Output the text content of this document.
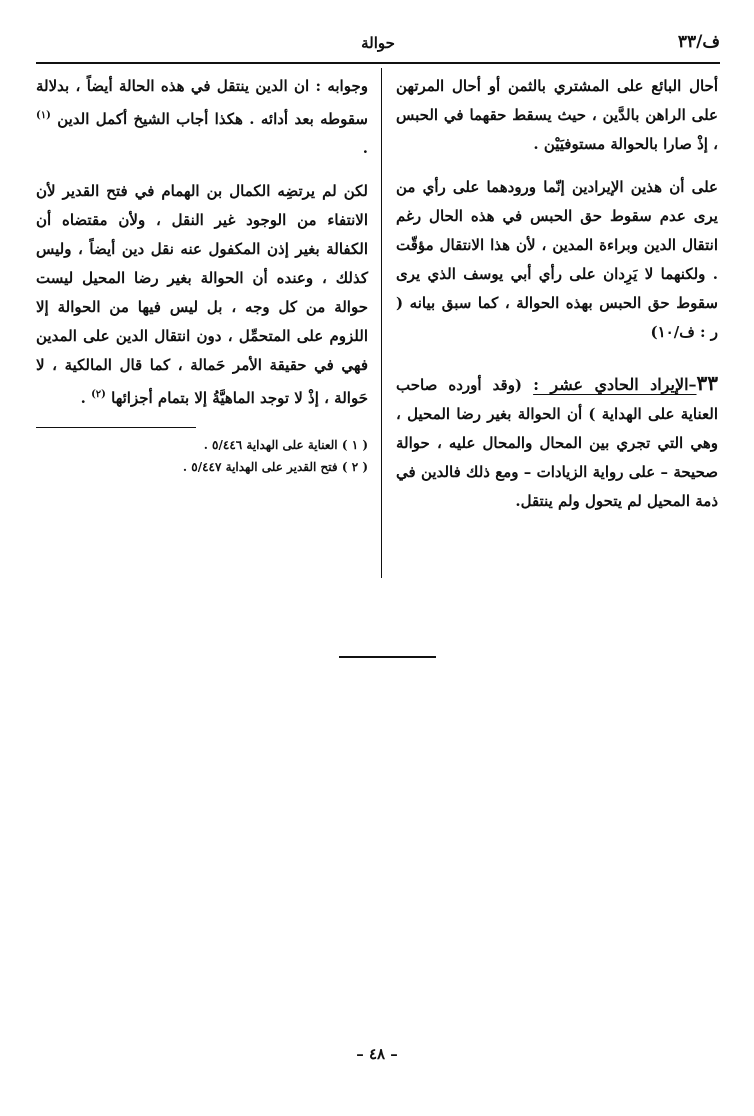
ف/٣٣
حوالة

أحال البائع على المشتري بالثمن أو أحال المرتهن على الراهن بالدَّين ، حيث يسقط حقهما في الحبس ، إذْ صارا بالحوالة مستوفيَيْن .

على أن هذين الإيرادين إنّما ورودهما على رأي من يرى عدم سقوط حق الحبس في هذه الحال رغم انتقال الدين وبراءة المدين ، لأن هذا الانتقال مؤقّت . ولكنهما لا يَرِدان على رأي أبي يوسف الذي يرى سقوط حق الحبس بهذه الحوالة ، كما سبق بيانه ( ر : ف/١٠)

٣٣–الإيراد الحادي عشر : (وقد أورده صاحب العناية على الهداية ) أن الحوالة بغير رضا المحيل ، وهي التي تجري بين المحال والمحال عليه ، حوالة صحيحة – على رواية الزيادات – ومع ذلك فالدين في ذمة المحيل لم يتحول ولم ينتقل.

وجوابه : ان الدين ينتقل في هذه الحالة أيضاً ، بدلالة سقوطه بعد أدائه . هكذا أجاب الشيخ أكمل الدين $^{(١)}$ .

لكن لم يرتضِه الكمال بن الهمام في فتح القدير لأن الانتفاء من الوجود غير النقل ، ولأن مقتضاه أن الكفالة بغير إذن المكفول عنه نقل دين أيضاً ، وليس كذلك ، وعنده أن الحوالة بغير رضا المحيل ليست حوالة من كل وجه ، بل ليس فيها من الحوالة إلا اللزوم على المتحمِّل ، دون انتقال الدين على المدين فهي في حقيقة الأمر حَمالة ، كما قال المالكية ، لا حَوالة ، إذْ لا توجد الماهيَّةُ إلا بتمام أجزائها $^{(٢)}$ .

( ١ ) العناية على الهداية ٥/٤٤٦ .
( ٢ ) فتح القدير على الهداية ٥/٤٤٧ .
– ٤٨ –
